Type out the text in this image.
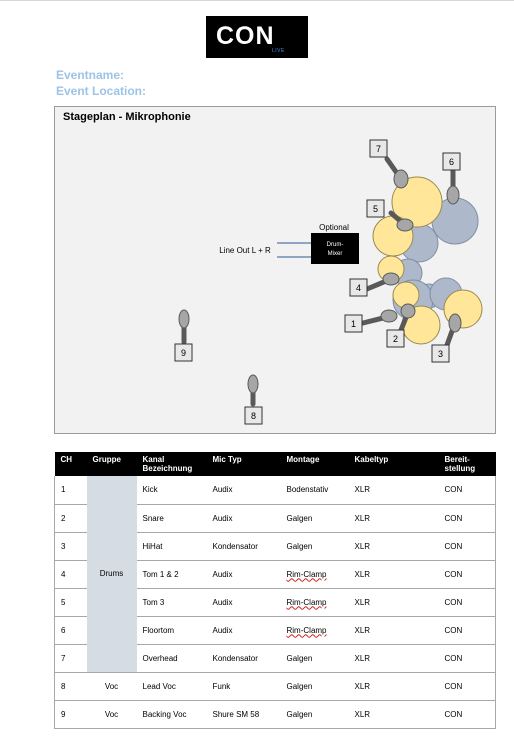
CON
LIVE
Eventname:
Event Location:
Stageplan - Mikrophonie
7
6
5
4
1
2
3
9
8
Optional
Drum-
Mixer
Line Out L + R
CH	Gruppe	Kanal
Bezeichnung	Mic Typ	Montage	Kabeltyp	Bereit-
stellung
1	Drums	Kick	Audix	Bodenstativ	XLR	CON
2		Snare	Audix	Galgen	XLR	CON
3		HiHat	Kondensator	Galgen	XLR	CON
4		Tom 1 & 2	Audix	Rim-Clamp	XLR	CON
5		Tom 3	Audix	Rim-Clamp	XLR	CON
6		Floortom	Audix	Rim-Clamp	XLR	CON
7		Overhead	Kondensator	Galgen	XLR	CON
8	Voc	Lead Voc	Funk	Galgen	XLR	CON
9	Voc	Backing Voc	Shure SM 58	Galgen	XLR	CON
